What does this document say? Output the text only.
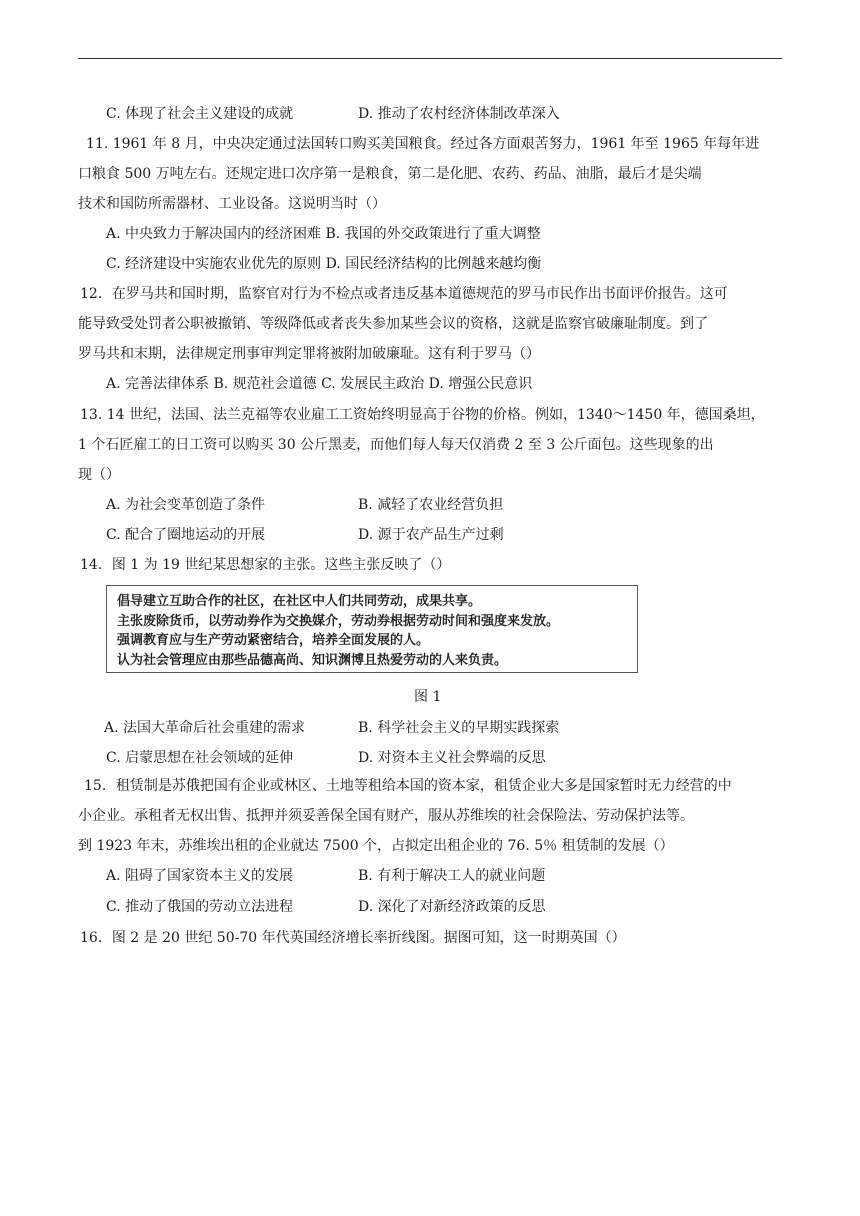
C. 体现了社会主义建设的成就	D. 推动了农村经济体制改革深入
11. 1961 年 8 月，中央决定通过法国转口购买美国粮食。经过各方面艰苦努力，1961 年至 1965 年每年进
口粮食 500 万吨左右。还规定进口次序第一是粮食，第二是化肥、农药、药品、油脂，最后才是尖端
技术和国防所需器材、工业设备。这说明当时（）
A. 中央致力于解决国内的经济困难 B. 我国的外交政策进行了重大调整
C. 经济建设中实施农业优先的原则 D. 国民经济结构的比例越来越均衡
12．在罗马共和国时期，监察官对行为不检点或者违反基本道德规范的罗马市民作出书面评价报告。这可
能导致受处罚者公职被撤销、等级降低或者丧失参加某些会议的资格，这就是监察官破廉耻制度。到了
罗马共和末期，法律规定刑事审判定罪将被附加破廉耻。这有利于罗马（）
A. 完善法律体系 B. 规范社会道德 C. 发展民主政治 D. 增强公民意识
13. 14 世纪，法国、法兰克福等农业雇工工资始终明显高于谷物的价格。例如，1340～1450 年，德国桑坦，
1 个石匠雇工的日工资可以购买 30 公斤黑麦，而他们每人每天仅消费 2 至 3 公斤面包。这些现象的出
现（）
A. 为社会变革创造了条件	B. 减轻了农业经营负担
C. 配合了圈地运动的开展	D. 源于农产品生产过剩
14．图 1 为 19 世纪某思想家的主张。这些主张反映了（）
倡导建立互助合作的社区，在社区中人们共同劳动，成果共享。
主张废除货币，以劳动券作为交换媒介，劳动券根据劳动时间和强度来发放。
强调教育应与生产劳动紧密结合，培养全面发展的人。
认为社会管理应由那些品德高尚、知识渊博且热爱劳动的人来负责。
图 1
A. 法国大革命后社会重建的需求	B. 科学社会主义的早期实践探索
C. 启蒙思想在社会领域的延伸	D. 对资本主义社会弊端的反思
15．租赁制是苏俄把国有企业或林区、土地等租给本国的资本家，租赁企业大多是国家暂时无力经营的中
小企业。承租者无权出售、抵押并须妥善保全国有财产，服从苏维埃的社会保险法、劳动保护法等。
到 1923 年末，苏维埃出租的企业就达 7500 个，占拟定出租企业的 76. 5％ 租赁制的发展（）
A. 阻碍了国家资本主义的发展	B. 有利于解决工人的就业问题
C. 推动了俄国的劳动立法进程	D. 深化了对新经济政策的反思
16．图 2 是 20 世纪 50-70 年代英国经济增长率折线图。据图可知，这一时期英国（）
